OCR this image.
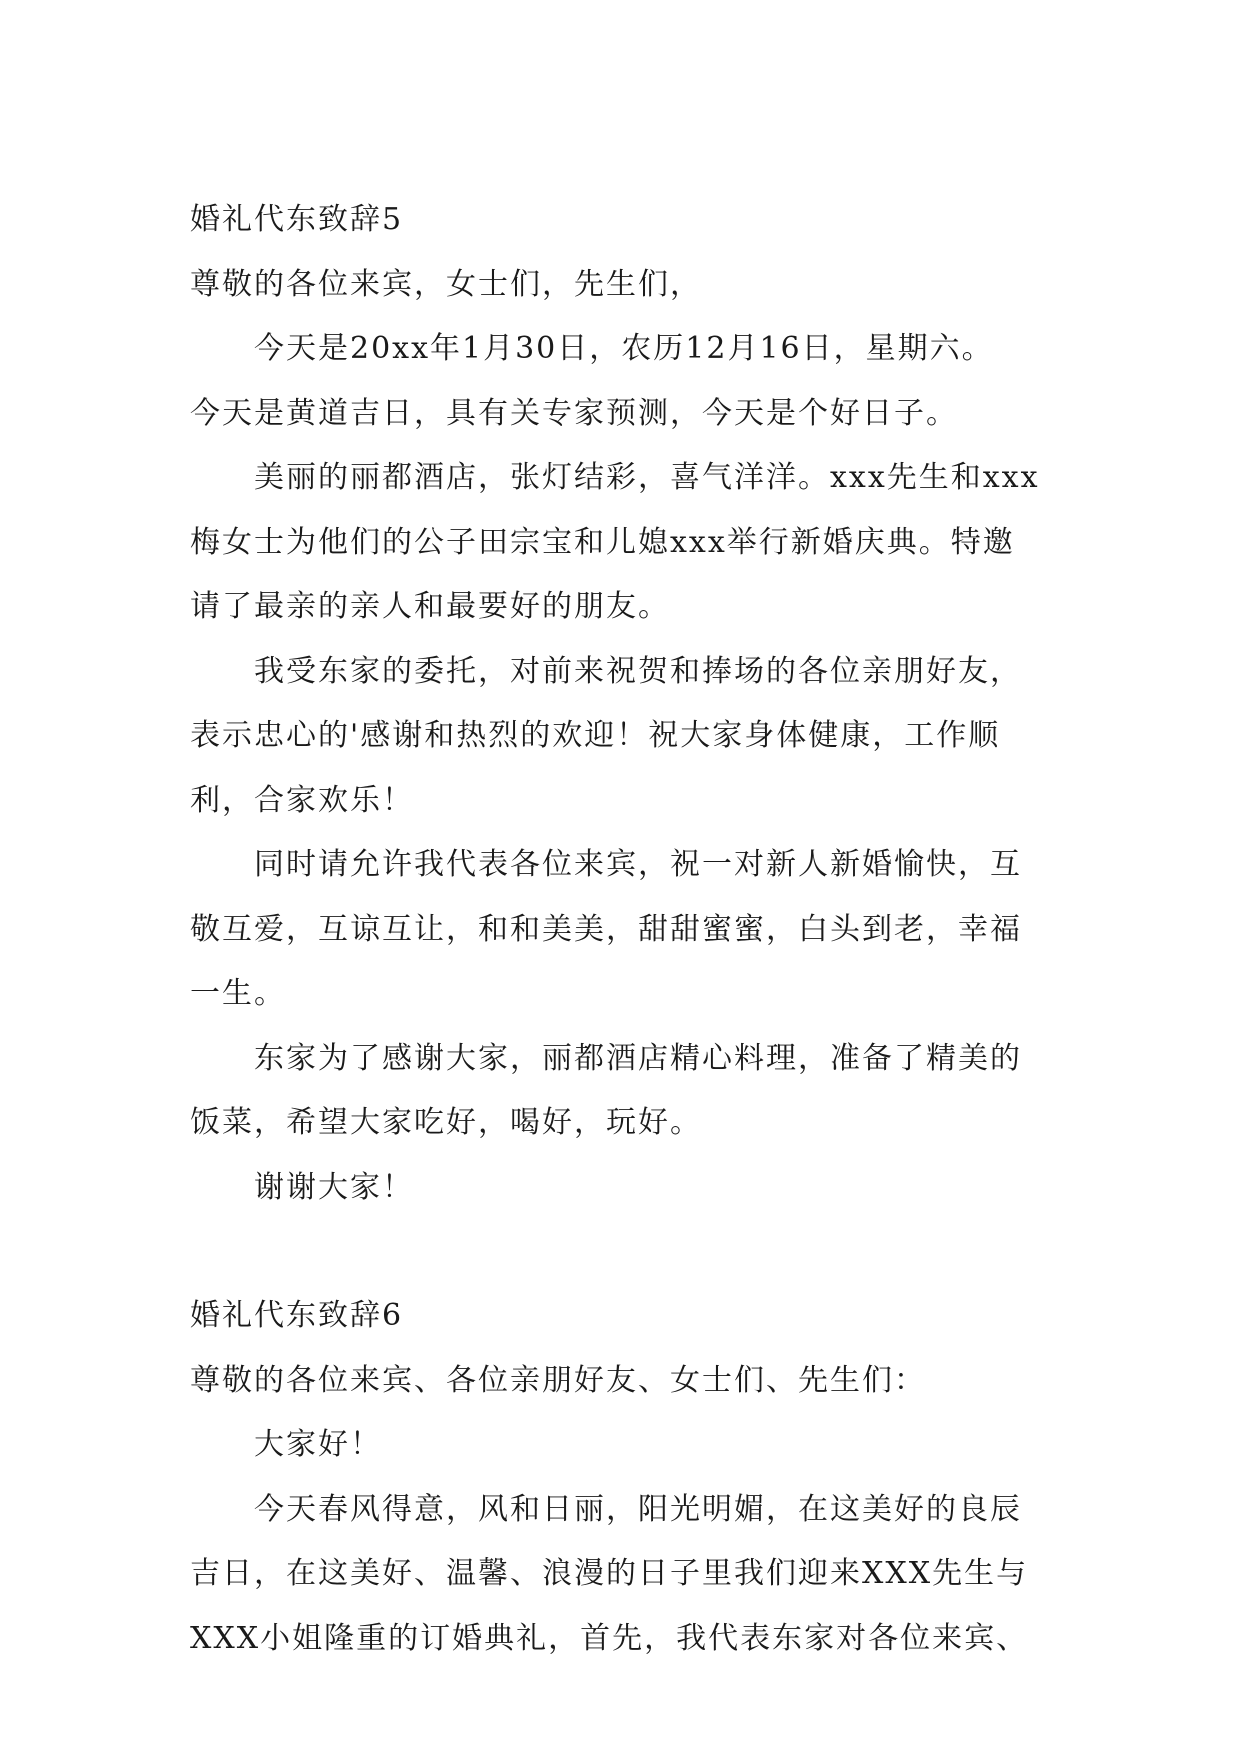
婚礼代东致辞5
尊敬的各位来宾，女士们，先生们，
今天是20xx年1月30日，农历12月16日，星期六。
今天是黄道吉日，具有关专家预测，今天是个好日子。
美丽的丽都酒店，张灯结彩，喜气洋洋。xxx先生和xxx
梅女士为他们的公子田宗宝和儿媳xxx举行新婚庆典。特邀
请了最亲的亲人和最要好的朋友。
我受东家的委托，对前来祝贺和捧场的各位亲朋好友，
表示忠心的'感谢和热烈的欢迎！祝大家身体健康，工作顺
利，合家欢乐！
同时请允许我代表各位来宾，祝一对新人新婚愉快，互
敬互爱，互谅互让，和和美美，甜甜蜜蜜，白头到老，幸福
一生。
东家为了感谢大家，丽都酒店精心料理，准备了精美的
饭菜，希望大家吃好，喝好，玩好。
谢谢大家！
婚礼代东致辞6
尊敬的各位来宾、各位亲朋好友、女士们、先生们：
大家好！
今天春风得意，风和日丽，阳光明媚，在这美好的良辰
吉日，在这美好、温馨、浪漫的日子里我们迎来XXX先生与
XXX小姐隆重的订婚典礼，首先，我代表东家对各位来宾、
